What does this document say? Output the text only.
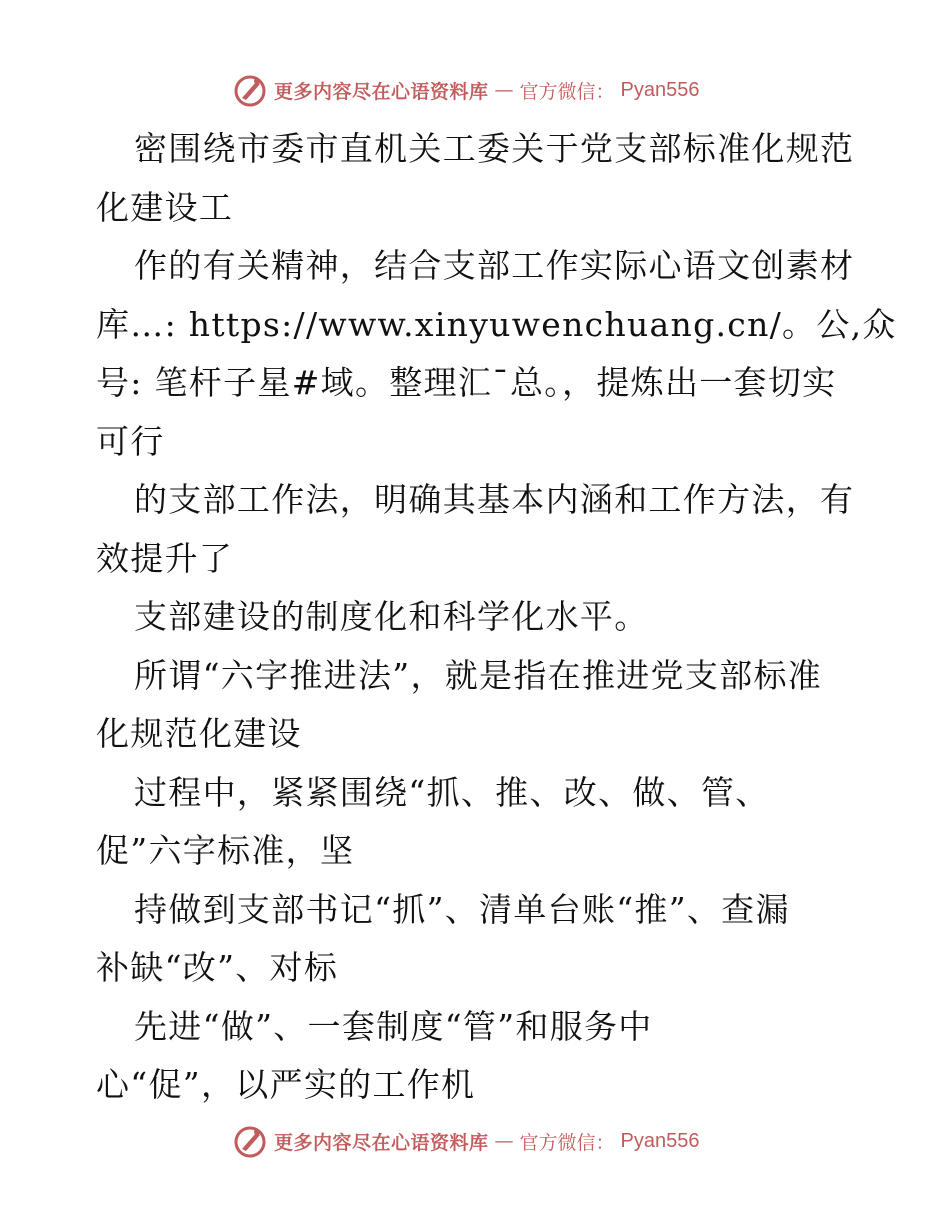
更多内容尽在心语资料库 — 官方微信： Pyan556
密围绕市委市直机关工委关于党支部标准化规范
化建设工
作的有关精神，结合支部工作实际心语文创素材
库…: https://www.xinyuwenchuang.cn/。公,众
号: 笔杆子星#域。整理汇¯总。，提炼出一套切实
可行
的支部工作法，明确其基本内涵和工作方法，有
效提升了
支部建设的制度化和科学化水平。
所谓“六字推进法”，就是指在推进党支部标准
化规范化建设
过程中，紧紧围绕“抓、推、改、做、管、
促”六字标准，坚
持做到支部书记“抓”、清单台账“推”、查漏
补缺“改”、对标
先进“做”、一套制度“管”和服务中
心“促”，以严实的工作机
更多内容尽在心语资料库 — 官方微信： Pyan556
